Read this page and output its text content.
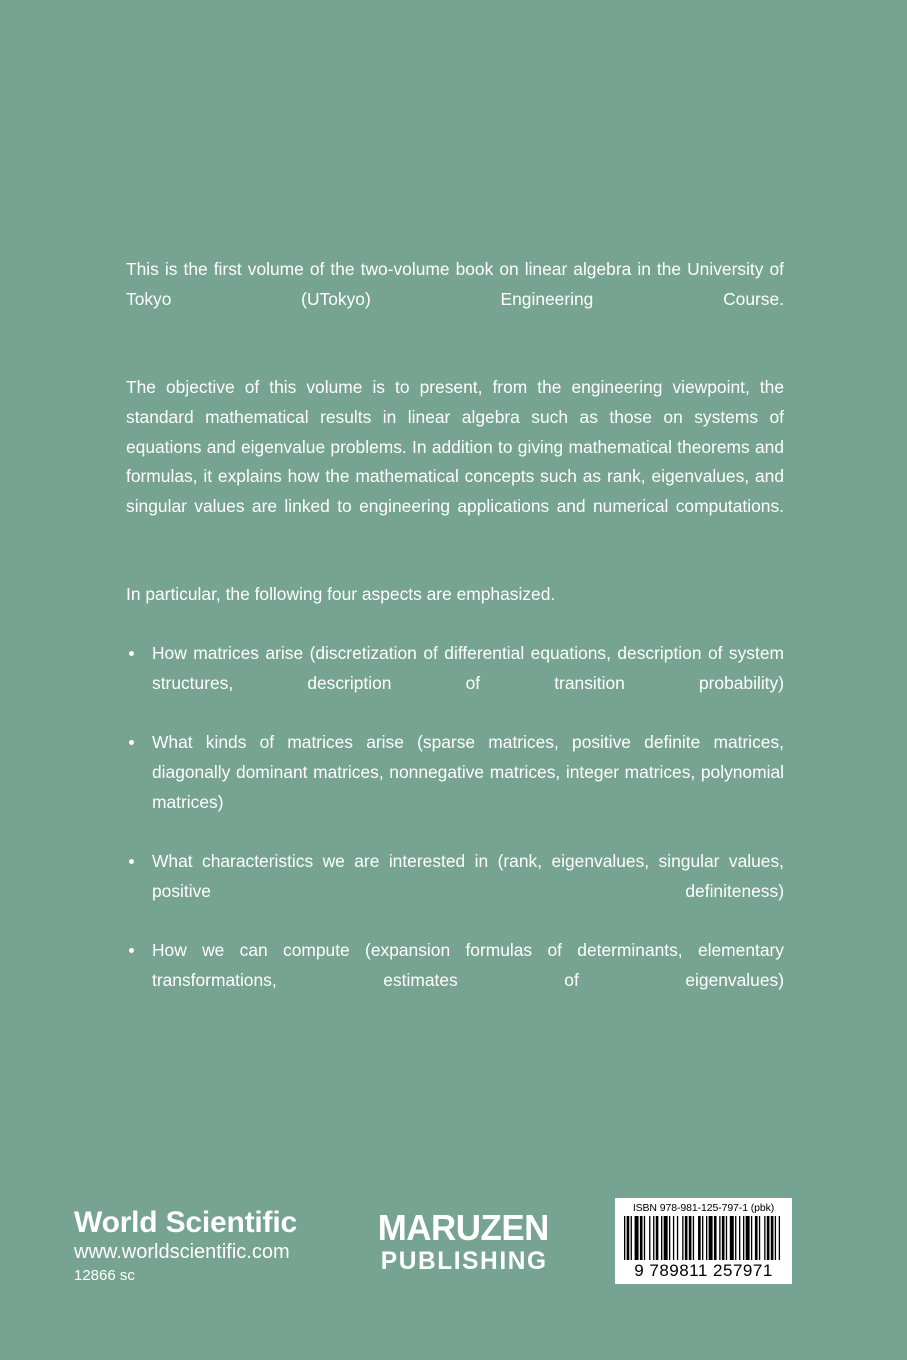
This is the first volume of the two-volume book on linear algebra in the University of Tokyo (UTokyo) Engineering Course.

The objective of this volume is to present, from the engineering viewpoint, the standard mathematical results in linear algebra such as those on systems of equations and eigenvalue problems. In addition to giving mathematical theorems and formulas, it explains how the mathematical concepts such as rank, eigenvalues, and singular values are linked to engineering applications and numerical computations.

In particular, the following four aspects are emphasized.

How matrices arise (discretization of differential equations, description of system structures, description of transition probability)
What kinds of matrices arise (sparse matrices, positive definite matrices, diagonally dominant matrices, nonnegative matrices, integer matrices, polynomial matrices)
What characteristics we are interested in (rank, eigenvalues, singular values, positive definiteness)
How we can compute (expansion formulas of determinants, elementary transformations, estimates of eigenvalues)
World Scientific
www.worldscientific.com
12866 sc
MARUZEN
PUBLISHING
ISBN 978-981-125-797-1 (pbk)
9 789811 257971
